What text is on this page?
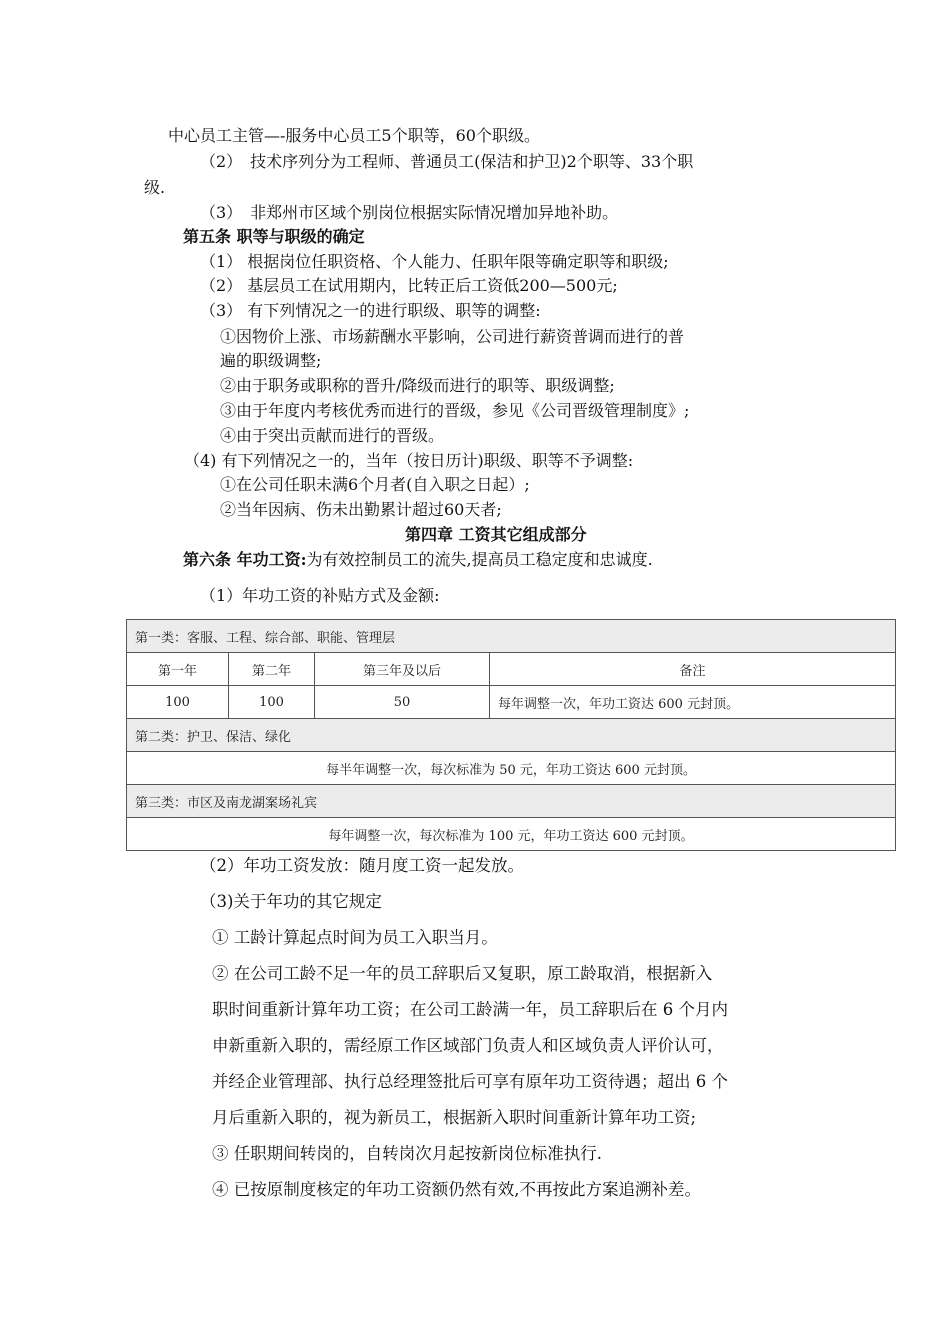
中心员工主管—-服务中心员工5个职等，60个职级。
（2）　技术序列分为工程师、普通员工(保洁和护卫)2个职等、33个职
级.
（3）　非郑州市区域个别岗位根据实际情况增加异地补助。
第五条 职等与职级的确定
（1） 根据岗位任职资格、个人能力、任职年限等确定职等和职级;
（2） 基层员工在试用期内，比转正后工资低200—500元;
（3） 有下列情况之一的进行职级、职等的调整:
①因物价上涨、市场薪酬水平影响，公司进行薪资普调而进行的普
遍的职级调整;
②由于职务或职称的晋升/降级而进行的职等、职级调整;
③由于年度内考核优秀而进行的晋级，参见《公司晋级管理制度》;
④由于突出贡献而进行的晋级。
（4) 有下列情况之一的，当年（按日历计)职级、职等不予调整:
①在公司任职未满6个月者(自入职之日起）;
②当年因病、伤未出勤累计超过60天者;
第四章 工资其它组成部分
第六条 年功工资:为有效控制员工的流失,提高员工稳定度和忠诚度.
（1）年功工资的补贴方式及金额:
第一类：客服、工程、综合部、职能、管理层			
第一年	第二年	第三年及以后	备注
100	100	50	每年调整一次，年功工资达 600 元封顶。
第二类：护卫、保洁、绿化			
每半年调整一次，每次标准为 50 元，年功工资达 600 元封顶。			
第三类：市区及南龙湖案场礼宾			
每年调整一次，每次标准为 100 元，年功工资达 600 元封顶。			
（2）年功工资发放：随月度工资一起发放。
（3)关于年功的其它规定
① 工龄计算起点时间为员工入职当月。
② 在公司工龄不足一年的员工辞职后又复职，原工龄取消，根据新入
职时间重新计算年功工资；在公司工龄满一年，员工辞职后在 6 个月内
申新重新入职的，需经原工作区域部门负责人和区域负责人评价认可，
并经企业管理部、执行总经理签批后可享有原年功工资待遇；超出 6 个
月后重新入职的，视为新员工，根据新入职时间重新计算年功工资;
③ 任职期间转岗的，自转岗次月起按新岗位标准执行.
④ 已按原制度核定的年功工资额仍然有效,不再按此方案追溯补差。
